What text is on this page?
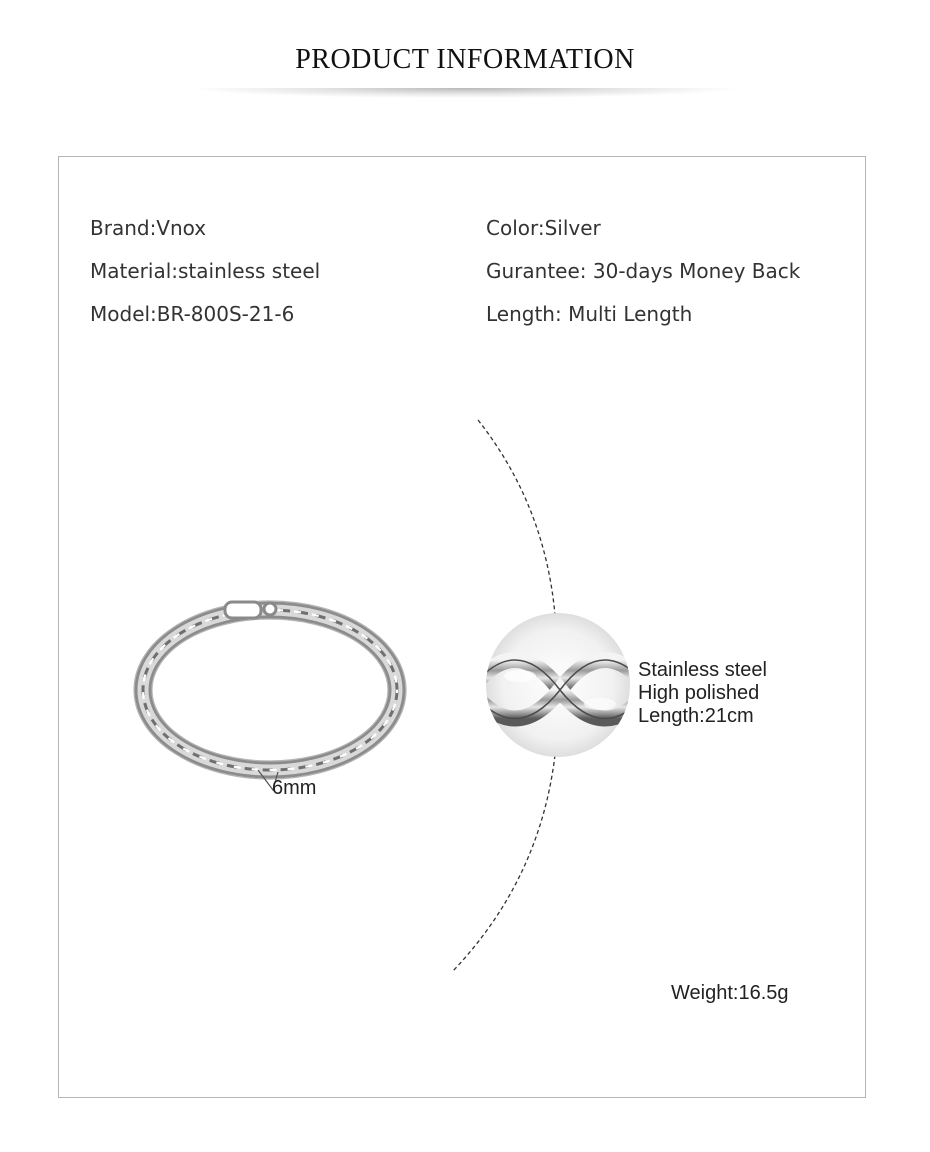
PRODUCT INFORMATION
Brand:Vnox
Material:stainless steel
Model:BR-800S-21-6
Color:Silver
Gurantee: 30-days Money Back
Length: Multi Length
6mm
Stainless steel
High polished
Length:21cm
Weight:16.5g
